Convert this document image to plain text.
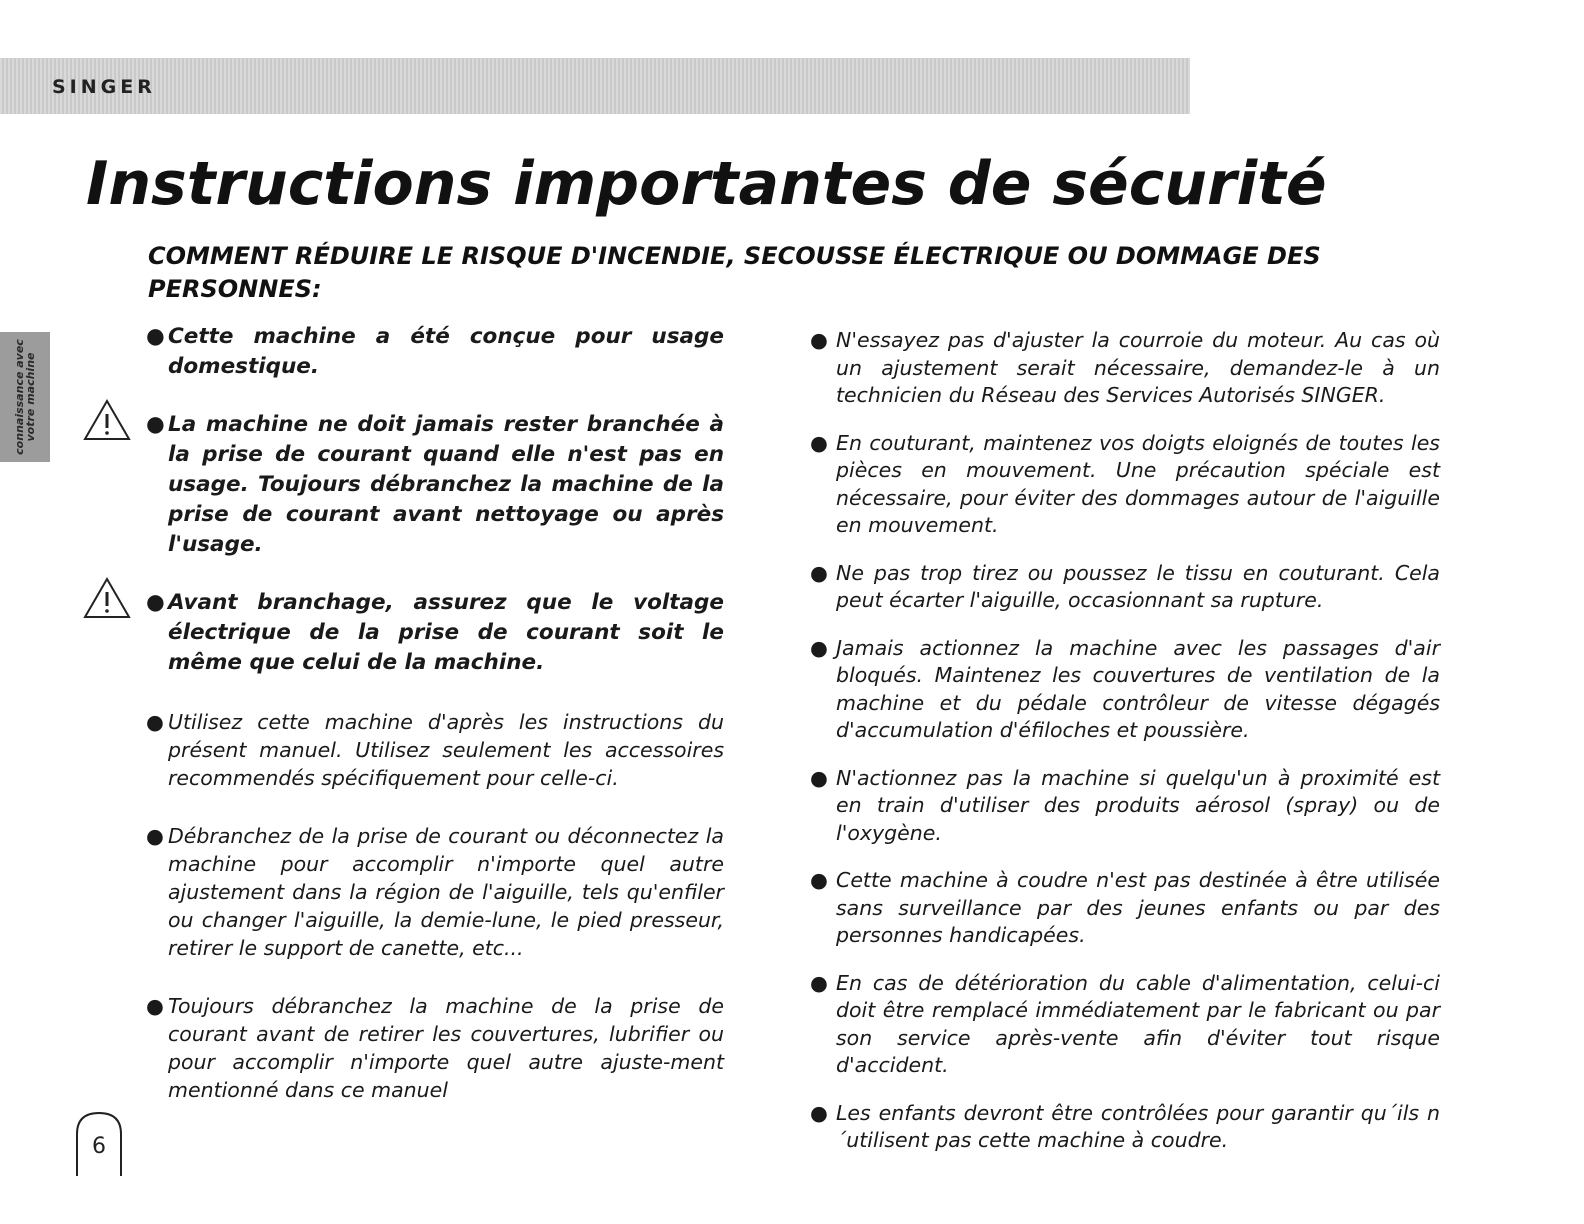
SINGER
connaissance avec votre machine
Instructions importantes de sécurité
COMMENT RÉDUIRE LE RISQUE D'INCENDIE, SECOUSSE ÉLECTRIQUE OU DOMMAGE DES PERSONNES:
● Cette machine a été conçue pour usage domestique.
● La machine ne doit jamais rester branchée à la prise de courant quand elle n'est pas en usage. Toujours débranchez la machine de la prise de courant avant nettoyage ou après l'usage.
● Avant branchage, assurez que le voltage électrique de la prise de courant soit le même que celui de la machine.
● Utilisez cette machine d'après les instructions du présent manuel. Utilisez seulement les accessoires recommendés spécifiquement pour celle-ci.
● Débranchez de la prise de courant ou déconnectez la machine pour accomplir n'importe quel autre ajustement dans la région de l'aiguille, tels qu'enfiler ou changer l'aiguille, la demie-lune, le pied presseur, retirer le support de canette, etc...
● Toujours débranchez la machine de la prise de courant avant de retirer les couvertures, lubrifier ou pour accomplir n'importe quel autre ajuste-ment mentionné dans ce manuel
● N'essayez pas d'ajuster la courroie du moteur. Au cas où un ajustement serait nécessaire, demandez-le à un technicien du Réseau des Services Autorisés SINGER.
● En couturant, maintenez vos doigts eloignés de toutes les pièces en mouvement. Une précaution spéciale est nécessaire, pour éviter des dommages autour de l'aiguille en mouvement.
● Ne pas trop tirez ou poussez le tissu en couturant. Cela peut écarter l'aiguille, occasionnant sa rupture.
● Jamais actionnez la machine avec les passages d'air bloqués. Maintenez les couvertures de ventilation de la machine et du pédale contrôleur de vitesse dégagés d'accumulation d'éfiloches et poussière.
● N'actionnez pas la machine si quelqu'un à proximité est en train d'utiliser des produits aérosol (spray) ou de l'oxygène.
● Cette machine à coudre n'est pas destinée à être utilisée sans surveillance par des jeunes enfants ou par des personnes handicapées.
● En cas de détérioration du cable d'alimentation, celui-ci doit être remplacé immédiatement par le fabricant ou par son service après-vente afin d'éviter tout risque d'accident.
● Les enfants devront être contrôlées pour garantir qu´ils n´utilisent pas cette machine à coudre.
6
